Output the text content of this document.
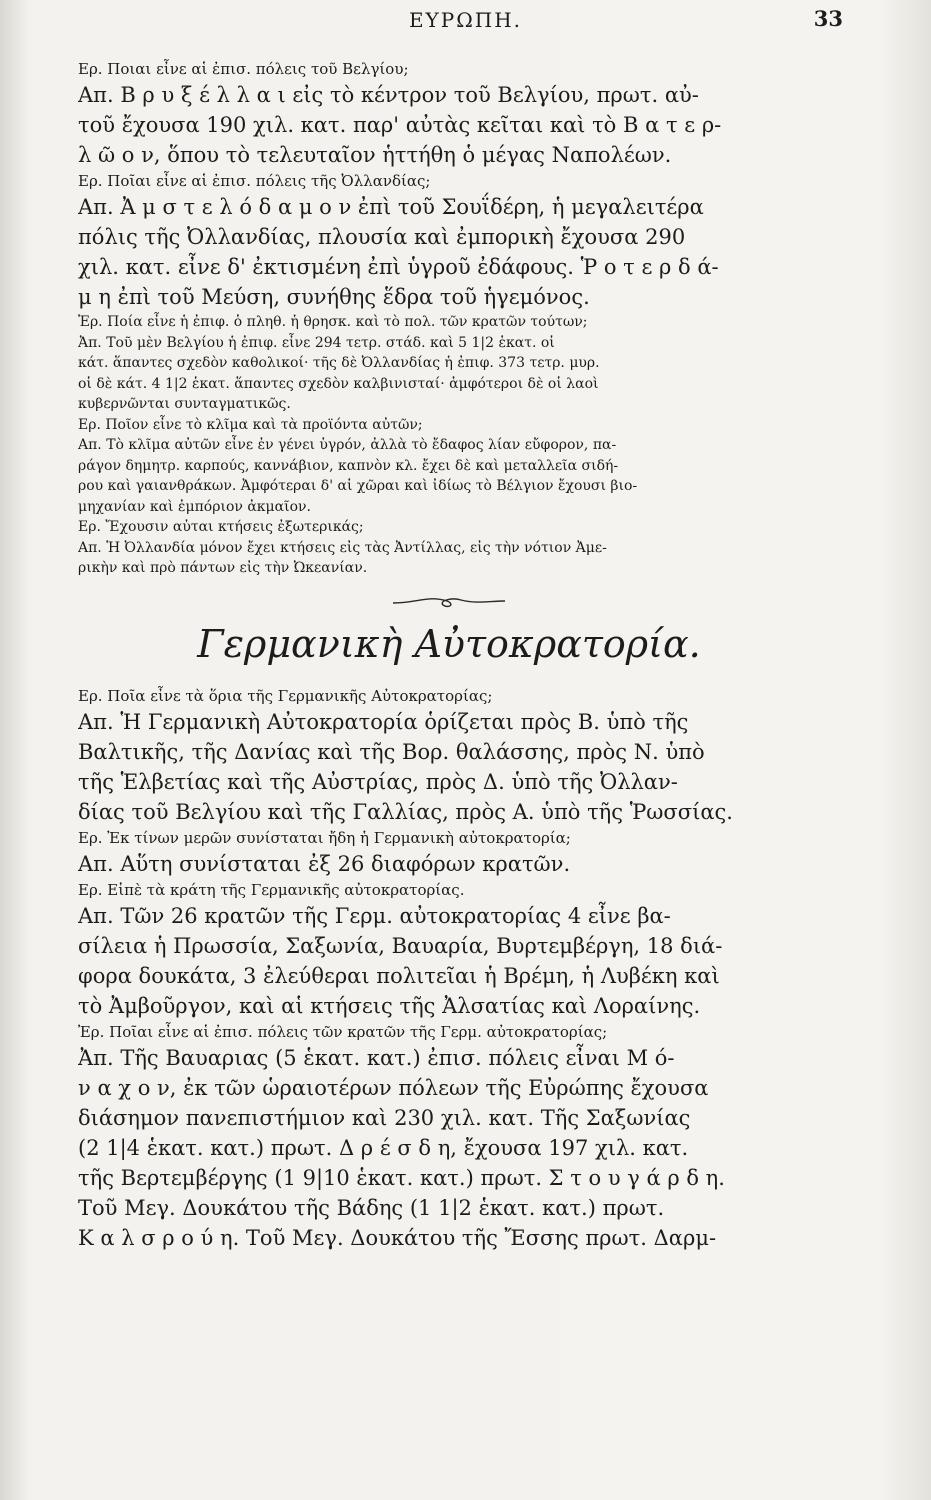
ΕΥΡΩΠΗ.	33
Ερ. Ποιαι εἶνε αἱ ἐπισ. πόλεις τοῦ Βελγίου;
Απ. Β ρ υ ξ έ λ λ α ι εἰς τὸ κέντρον τοῦ Βελγίου, πρωτ. αὐ-
τοῦ ἔχουσα 190 χιλ. κατ. παρ' αὐτὰς κεῖται καὶ τὸ Β α τ ε ρ-
λ ῶ ο ν, ὅπου τὸ τελευταῖον ἡττήθη ὁ μέγας Ναπολέων.
Ερ. Ποῖαι εἶνε αἱ ἐπισ. πόλεις τῆς Ὀλλανδίας;
Απ. Ἀ μ σ τ ε λ ό δ α μ ο ν ἐπὶ τοῦ Σουΐδέρη, ἡ μεγαλειτέρα
πόλις τῆς Ὀλλανδίας, πλουσία καὶ ἐμπορικὴ ἔχουσα 290
χιλ. κατ. εἶνε δ' ἐκτισμένη ἐπὶ ὑγροῦ ἐδάφους. Ῥ ο τ ε ρ δ ά-
μ η ἐπὶ τοῦ Μεύση, συνήθης ἕδρα τοῦ ἡγεμόνος.
Ἐρ. Ποία εἶνε ἡ ἐπιφ. ὁ πληθ. ἡ θρησκ. καὶ τὸ πολ. τῶν κρατῶν τούτων;
Ἀπ. Τοῦ μὲν Βελγίου ἡ ἐπιφ. εἶνε 294 τετρ. στάδ. καὶ 5 1|2 ἑκατ. οἱ
κάτ. ἅπαντες σχεδὸν καθολικοί· τῆς δὲ Ὀλλανδίας ἡ ἐπιφ. 373 τετρ. μυρ.
οἱ δὲ κάτ. 4 1|2 ἑκατ. ἅπαντες σχεδὸν καλβινισταί· ἀμφότεροι δὲ οἱ λαοὶ
κυβερνῶνται συνταγματικῶς.
Ερ. Ποῖον εἶνε τὸ κλῖμα καὶ τὰ προϊόντα αὐτῶν;
Απ. Τὸ κλῖμα αὐτῶν εἶνε ἐν γένει ὑγρόν, ἀλλὰ τὸ ἔδαφος λίαν εὔφορον, πα-
ράγον δημητρ. καρπούς, καννάβιον, καπνὸν κλ. ἔχει δὲ καὶ μεταλλεῖα σιδή-
ρου καὶ γαιανθράκων. Ἀμφότεραι δ' αἱ χῶραι καὶ ἰδίως τὸ Βέλγιον ἔχουσι βιο-
μηχανίαν καὶ ἐμπόριον ἀκμαῖον.
Ερ. Ἔχουσιν αὐται κτήσεις ἐξωτερικάς;
Απ. Ἡ Ὀλλανδία μόνον ἔχει κτήσεις εἰς τὰς Ἀντίλλας, εἰς τὴν νότιον Ἀμε-
ρικὴν καὶ πρὸ πάντων εἰς τὴν Ὠκεανίαν.
Γερμανικὴ Αὐτοκρατορία.
Ερ. Ποῖα εἶνε τὰ ὅρια τῆς Γερμανικῆς Αὐτοκρατορίας;
Απ. Ἡ Γερμανικὴ Αὐτοκρατορία ὁρίζεται πρὸς Β. ὑπὸ τῆς
Βαλτικῆς, τῆς Δανίας καὶ τῆς Βορ. θαλάσσης, πρὸς Ν. ὑπὸ
τῆς Ἑλβετίας καὶ τῆς Αὐστρίας, πρὸς Δ. ὑπὸ τῆς Ὀλλαν-
δίας τοῦ Βελγίου καὶ τῆς Γαλλίας, πρὸς Α. ὑπὸ τῆς Ῥωσσίας.
Ερ. Ἐκ τίνων μερῶν συνίσταται ἤδη ἡ Γερμανικὴ αὐτοκρατορία;
Απ. Αὕτη συνίσταται ἐξ 26 διαφόρων κρατῶν.
Ερ. Εἰπὲ τὰ κράτη τῆς Γερμανικῆς αὐτοκρατορίας.
Απ. Τῶν 26 κρατῶν τῆς Γερμ. αὐτοκρατορίας 4 εἶνε βα-
σίλεια ἡ Πρωσσία, Σαξωνία, Βαυαρία, Βυρτεμβέργη, 18 διά-
φορα δουκάτα, 3 ἐλεύθεραι πολιτεῖαι ἡ Βρέμη, ἡ Λυβέκη καὶ
τὸ Ἀμβοῦργον, καὶ αἱ κτήσεις τῆς Ἀλσατίας καὶ Λοραίνης.
Ἐρ. Ποῖαι εἶνε αἱ ἐπισ. πόλεις τῶν κρατῶν τῆς Γερμ. αὐτοκρατορίας;
Ἀπ. Τῆς Βαυαριας (5 ἑκατ. κατ.) ἐπισ. πόλεις εἶναι Μ ό-
ν α χ ο ν, ἐκ τῶν ὡραιοτέρων πόλεων τῆς Εὐρώπης ἔχουσα
διάσημον πανεπιστήμιον καὶ 230 χιλ. κατ. Τῆς Σαξωνίας
(2 1|4 ἑκατ. κατ.) πρωτ. Δ ρ έ σ δ η, ἔχουσα 197 χιλ. κατ.
τῆς Βερτεμβέργης (1 9|10 ἑκατ. κατ.) πρωτ. Σ τ ο υ γ ά ρ δ η.
Τοῦ Μεγ. Δουκάτου τῆς Βάδης (1 1|2 ἑκατ. κατ.) πρωτ.
Κ α λ σ ρ ο ύ η. Τοῦ Μεγ. Δουκάτου τῆς Ἔσσης πρωτ. Δαρμ-
